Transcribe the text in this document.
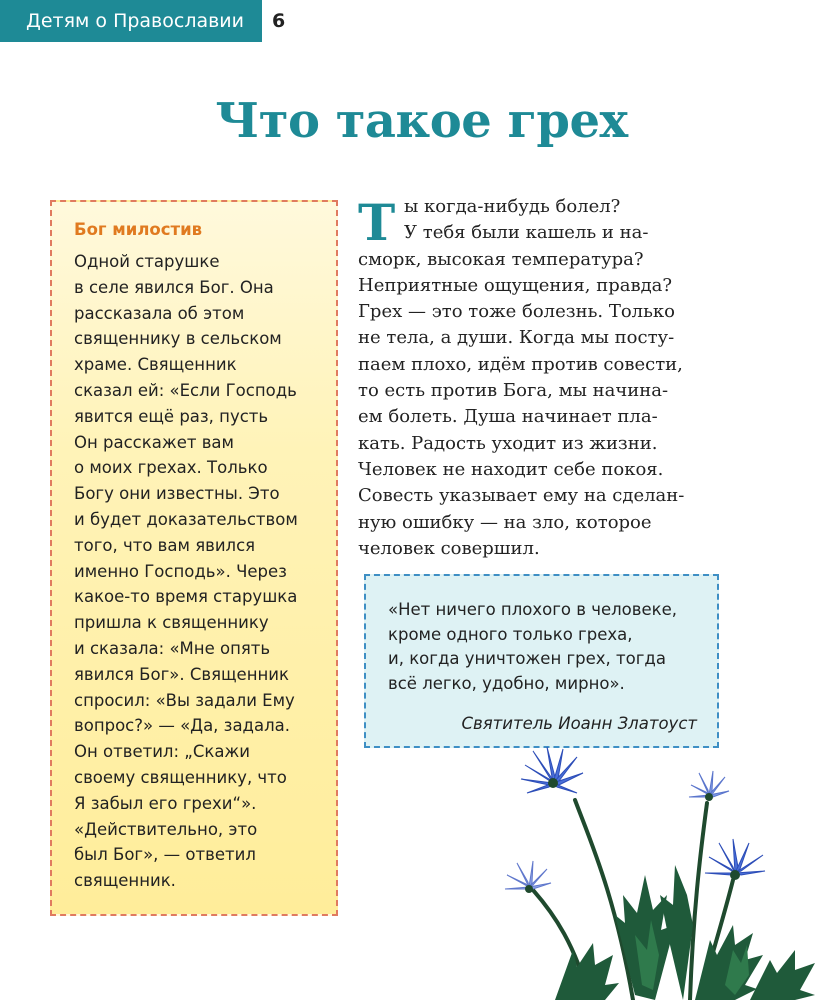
Детям о Православии	6
Что такое грех
Бог милостив
Одной старушке
в селе явился Бог. Она
рассказала об этом
священнику в сельском
храме. Священник
сказал ей: «Если Господь
явится ещё раз, пусть
Он расскажет вам
о моих грехах. Только
Богу они известны. Это
и будет доказательством
того, что вам явился
именно Господь». Через
какое-то время старушка
пришла к священнику
и сказала: «Мне опять
явился Бог». Священник
спросил: «Вы задали Ему
вопрос?» — «Да, задала.
Он ответил: „Скажи
своему священнику, что
Я забыл его грехи“».
«Действительно, это
был Бог», — ответил
священник.
Т ы когда-нибудь болел?
У тебя были кашель и на-
сморк, высокая температура?
Неприятные ощущения, правда?
Грех — это тоже болезнь. Только
не тела, а души. Когда мы посту-
паем плохо, идём против совести,
то есть против Бога, мы начина-
ем болеть. Душа начинает пла-
кать. Радость уходит из жизни.
Человек не находит себе покоя.
Совесть указывает ему на сделан-
ную ошибку — на зло, которое
человек совершил.
«Нет ничего плохого в человеке,
кроме одного только греха,
и, когда уничтожен грех, тогда
всё легко, удобно, мирно».
Святитель Иоанн Златоуст
